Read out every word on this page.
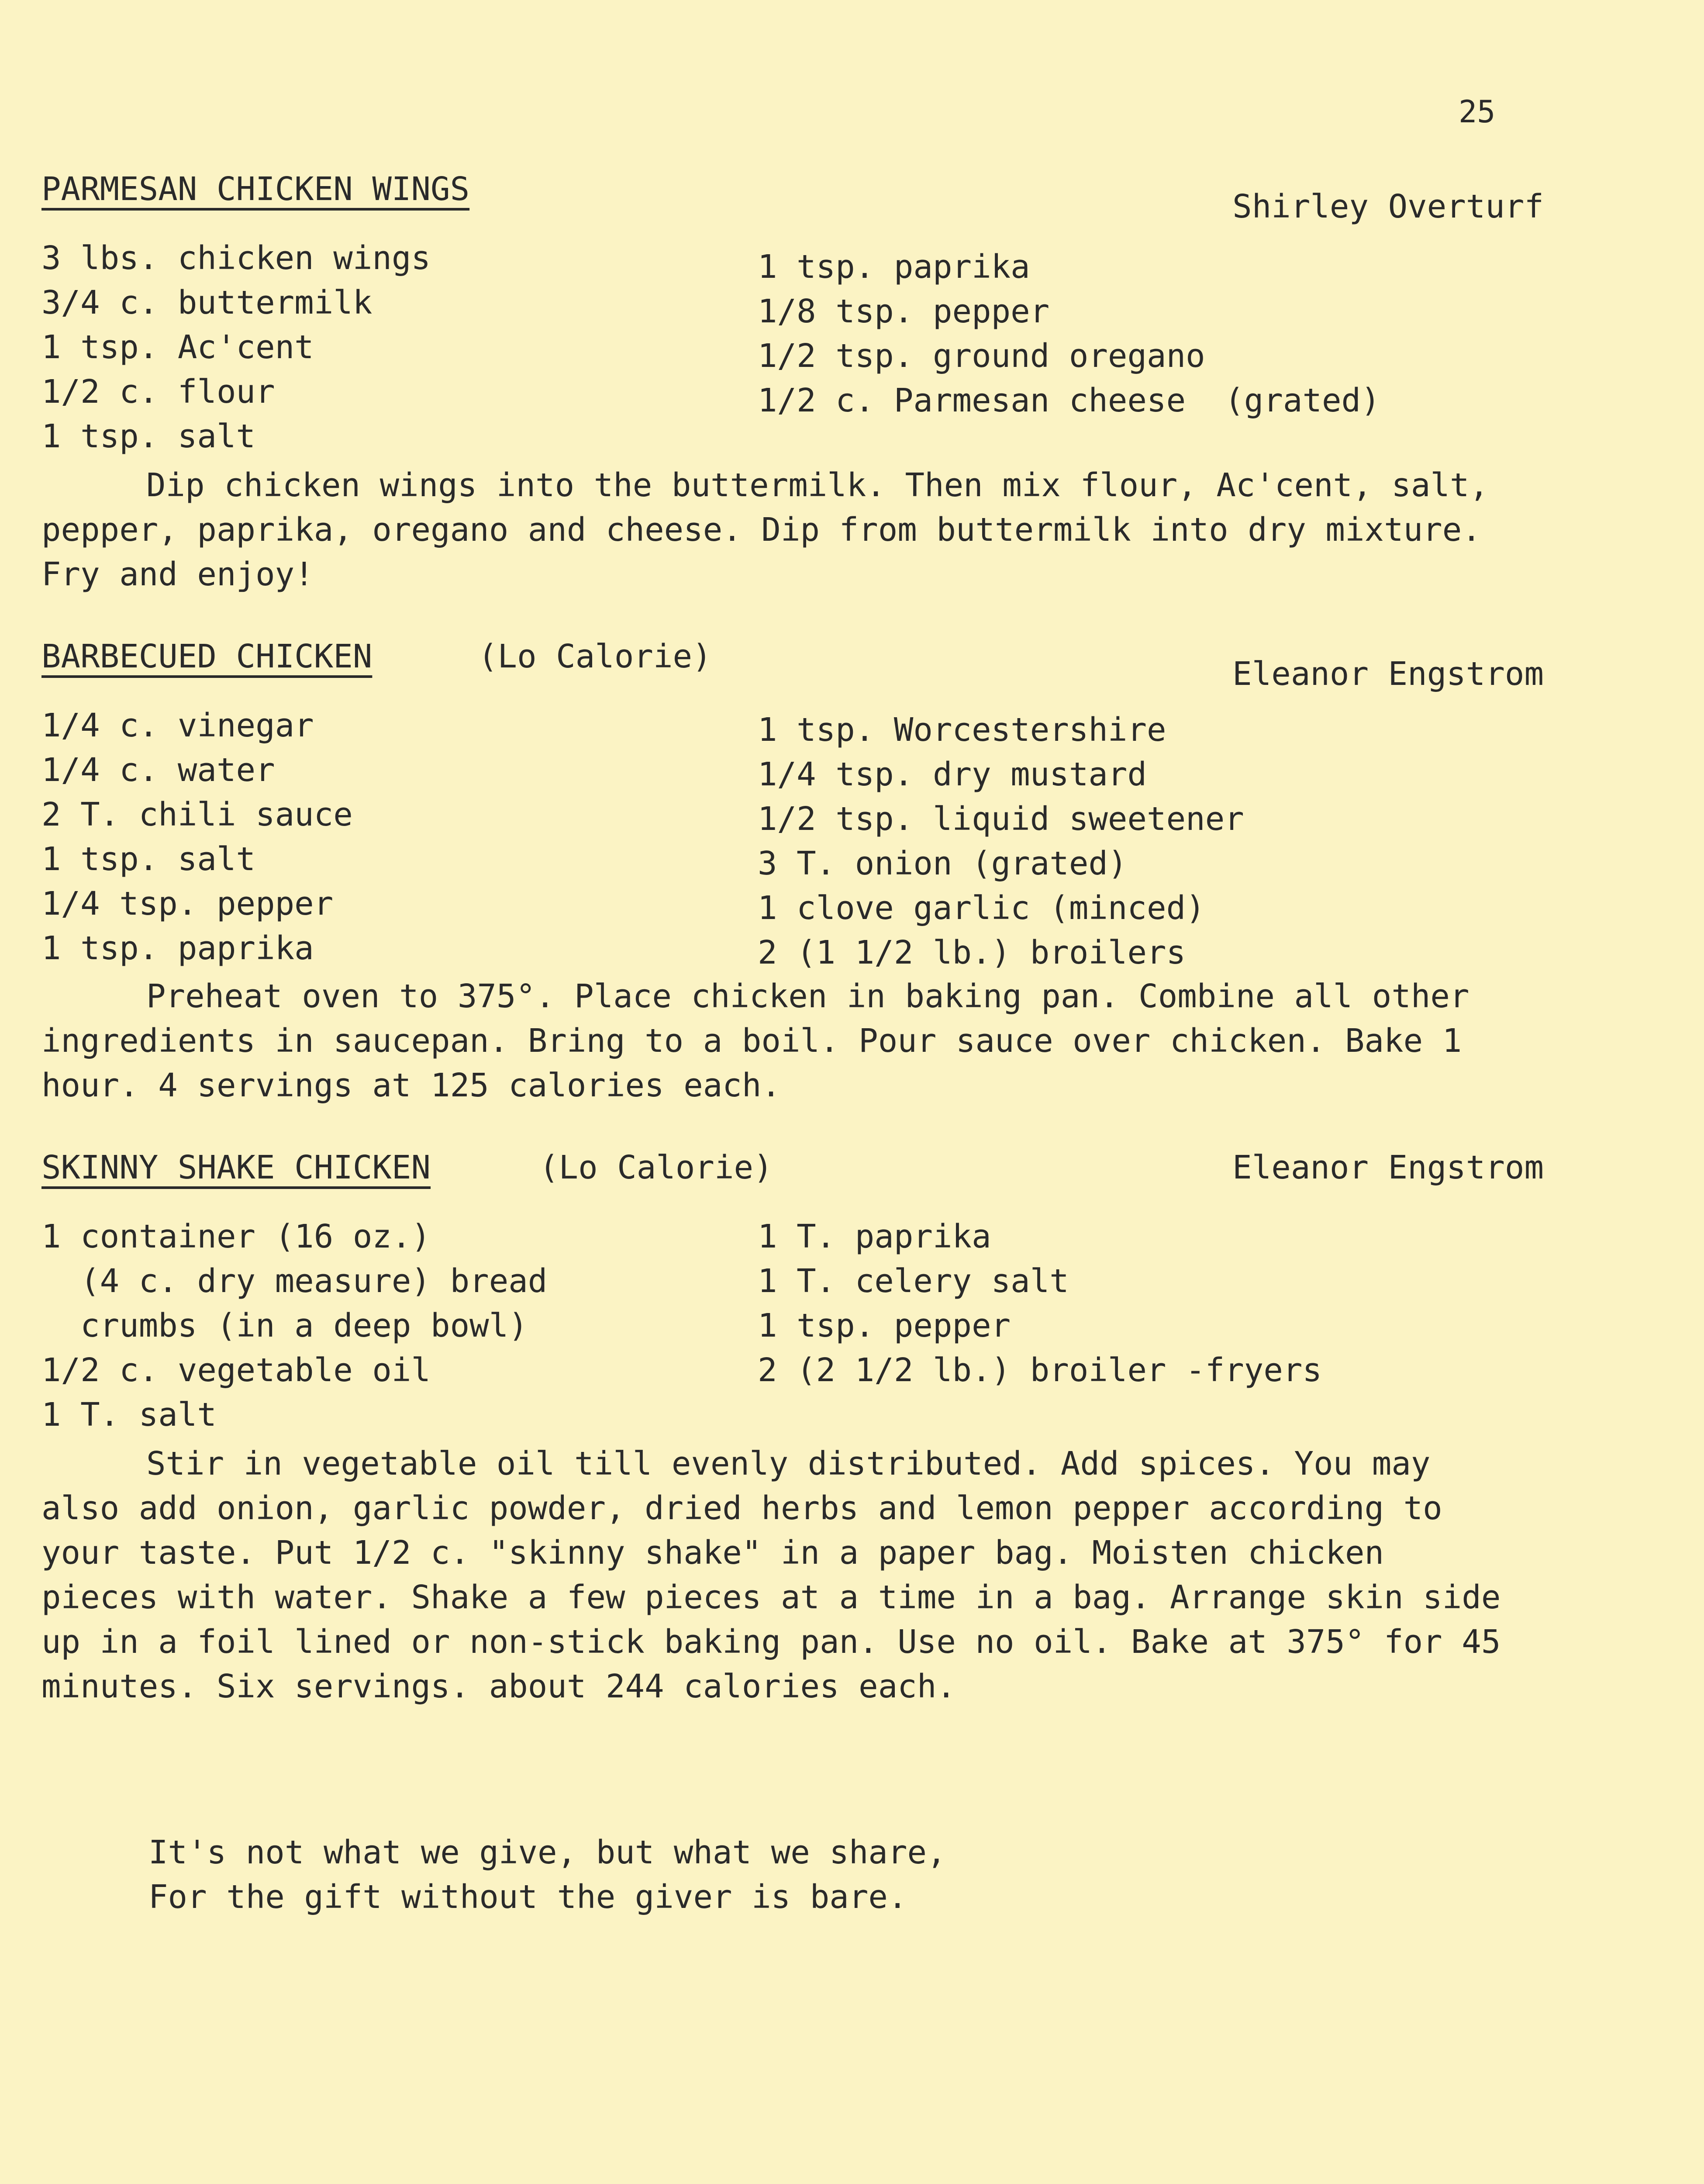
25
PARMESAN CHICKEN WINGS	Shirley Overturf
3 lbs. chicken wings
3/4 c. buttermilk
1 tsp. Ac'cent
1/2 c. flour
1 tsp. salt
1 tsp. paprika
1/8 tsp. pepper
1/2 tsp. ground oregano
1/2 c. Parmesan cheese  (grated)

Dip chicken wings into the buttermilk. Then mix flour, Ac'cent, salt, pepper, paprika, oregano and cheese. Dip from buttermilk into dry mixture. Fry and enjoy!

BARBECUED CHICKEN	(Lo Calorie)	Eleanor Engstrom
1/4 c. vinegar
1/4 c. water
2 T. chili sauce
1 tsp. salt
1/4 tsp. pepper
1 tsp. paprika
1 tsp. Worcestershire
1/4 tsp. dry mustard
1/2 tsp. liquid sweetener
3 T. onion (grated)
1 clove garlic (minced)
2 (1 1/2 lb.) broilers

Preheat oven to 375°. Place chicken in baking pan. Combine all other ingredients in saucepan. Bring to a boil. Pour sauce over chicken. Bake 1 hour. 4 servings at 125 calories each.

SKINNY SHAKE CHICKEN	(Lo Calorie)	Eleanor Engstrom
1 container (16 oz.)
(4 c. dry measure) bread
crumbs (in a deep bowl)
1/2 c. vegetable oil
1 T. salt
1 T. paprika
1 T. celery salt
1 tsp. pepper
2 (2 1/2 lb.) broiler -fryers

Stir in vegetable oil till evenly distributed. Add spices. You may also add onion, garlic powder, dried herbs and lemon pepper according to your taste. Put 1/2 c. "skinny shake" in a paper bag. Moisten chicken pieces with water. Shake a few pieces at a time in a bag. Arrange skin side up in a foil lined or non-stick baking pan. Use no oil. Bake at 375° for 45 minutes. Six servings. about 244 calories each.

It's not what we give, but what we share,
For the gift without the giver is bare.
